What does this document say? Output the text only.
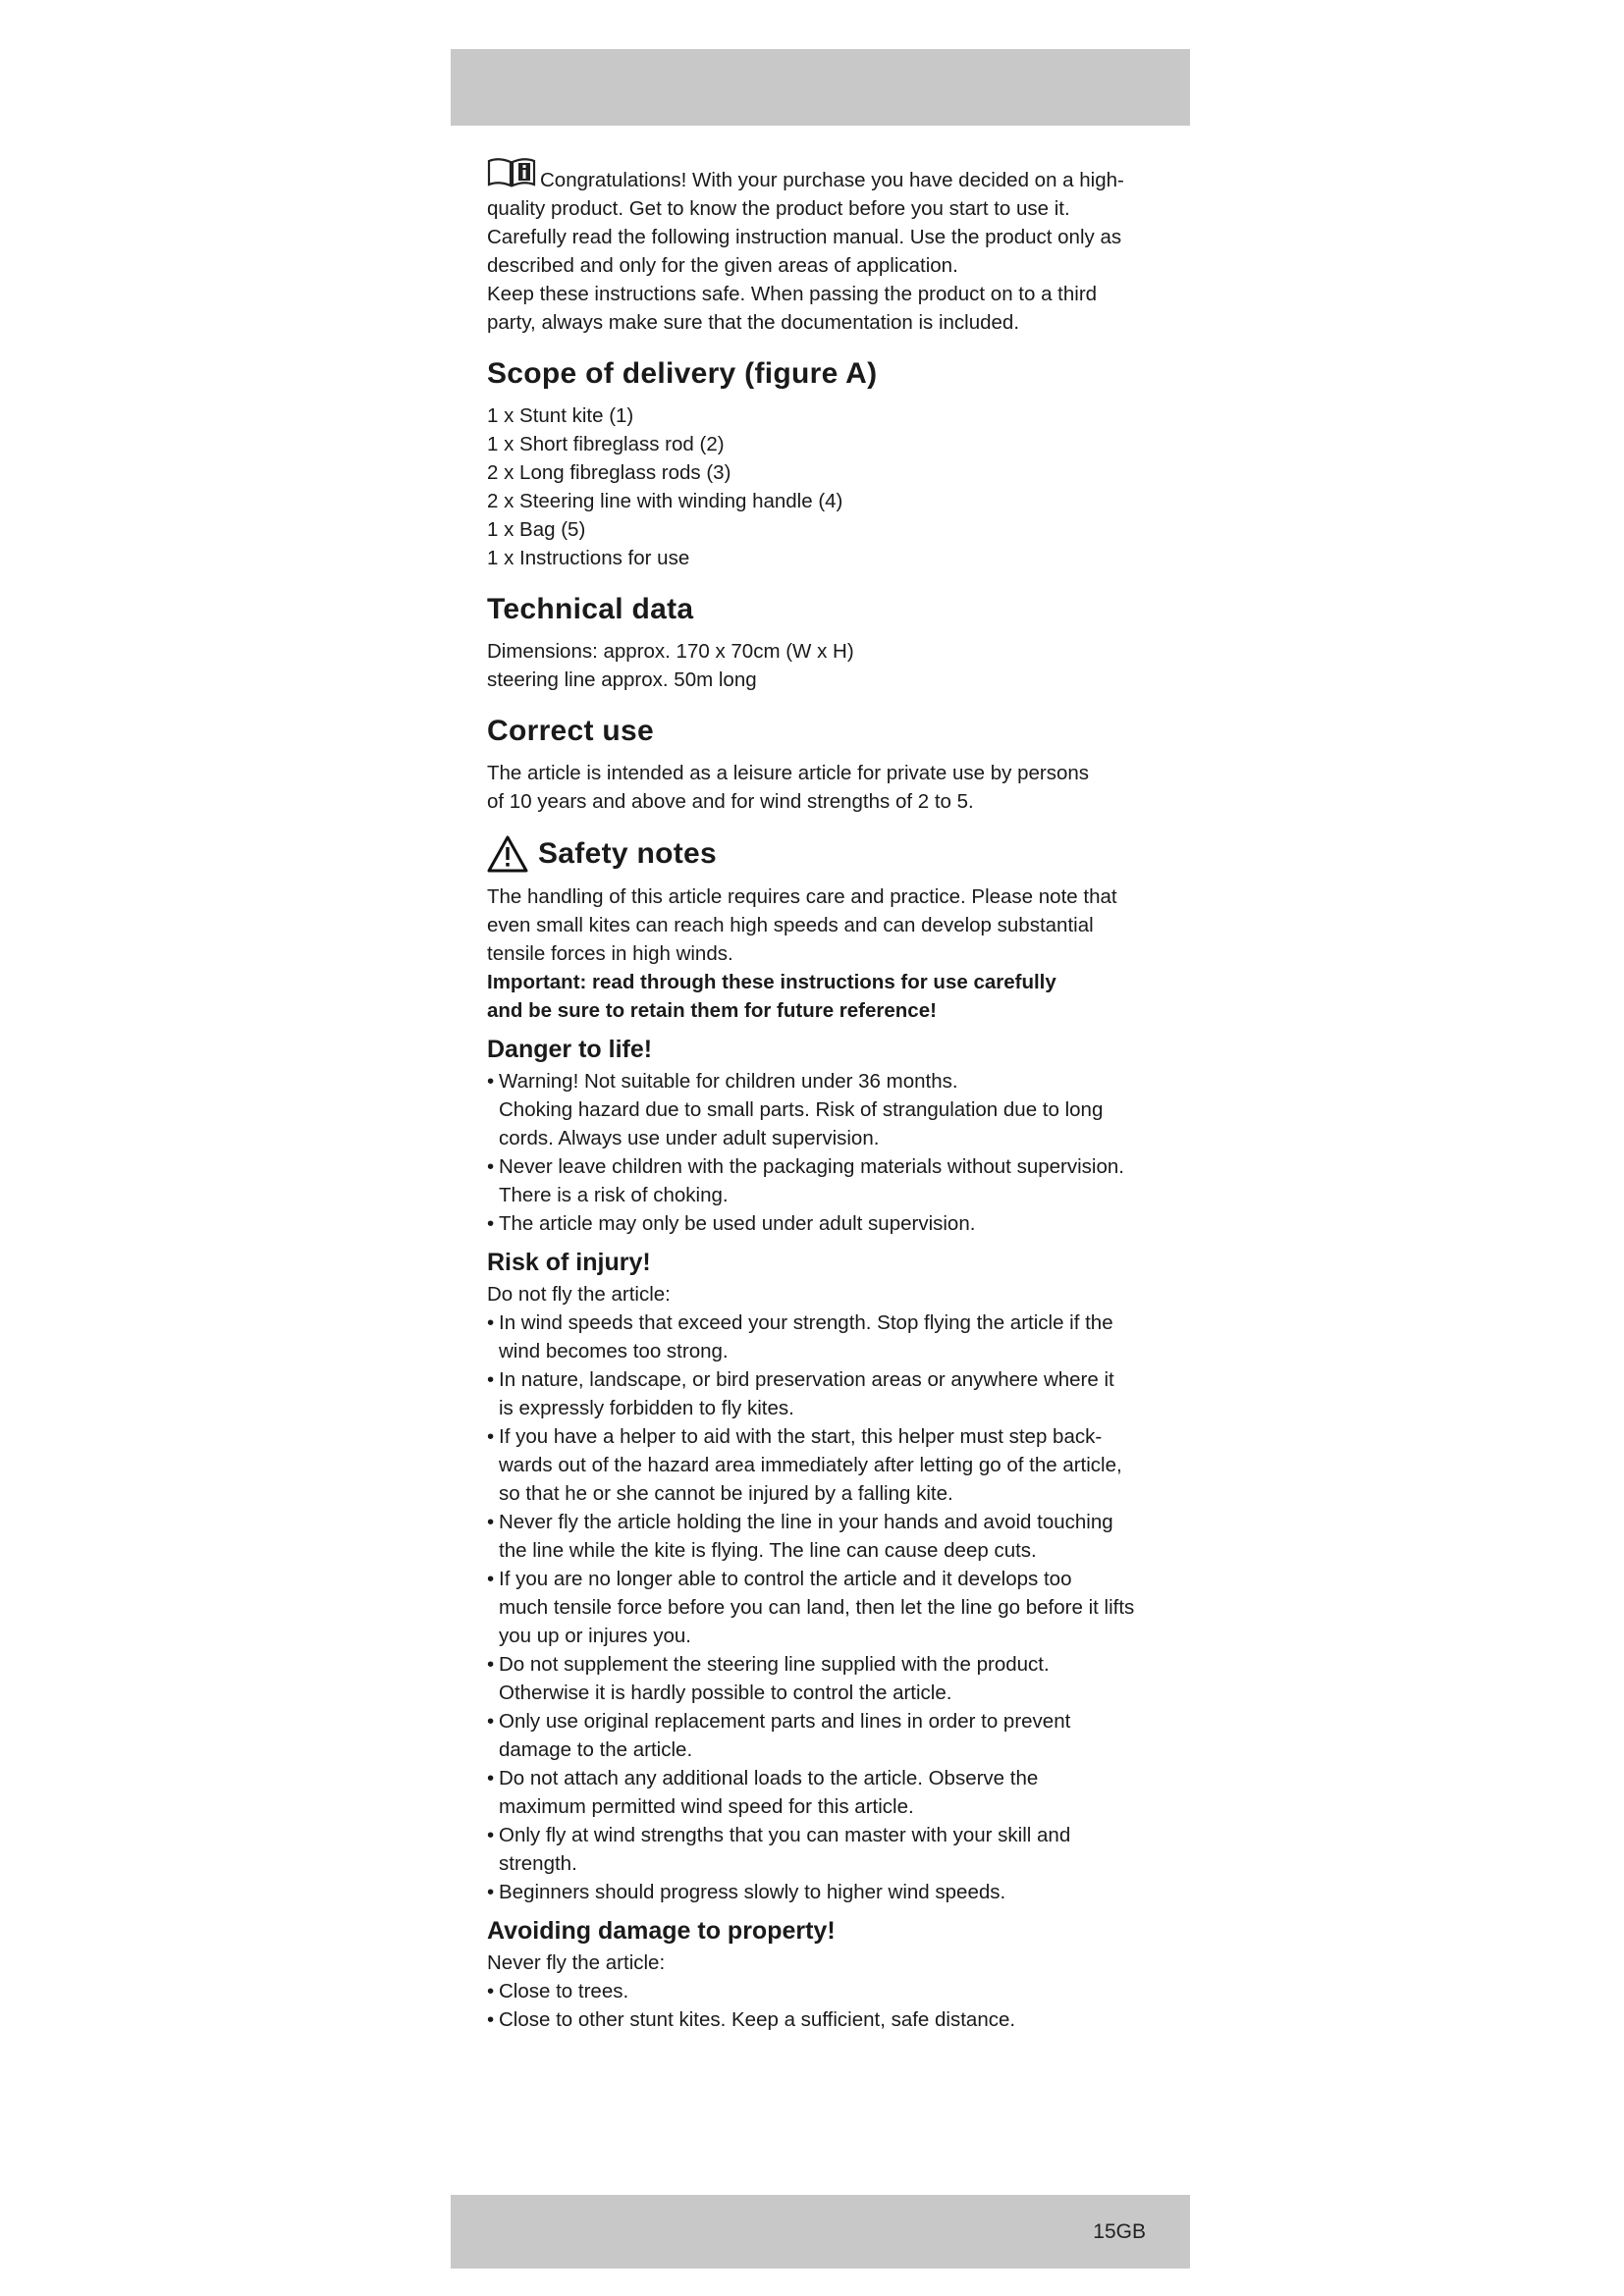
Congratulations! With your purchase you have decided on a high-
quality product. Get to know the product before you start to use it.
Carefully read the following instruction manual. Use the product only as
described and only for the given areas of application.
Keep these instructions safe. When passing the product on to a third
party, always make sure that the documentation is included.
Scope of delivery (figure A)
1 x Stunt kite (1)
1 x Short fibreglass rod (2)
2 x Long fibreglass rods (3)
2 x Steering line with winding handle (4)
1 x Bag (5)
1 x Instructions for use
Technical data
Dimensions: approx. 170 x 70cm (W x H)
steering line approx. 50m long
Correct use
The article is intended as a leisure article for private use by persons
of 10 years and above and for wind strengths of 2 to 5.
Safety notes
The handling of this article requires care and practice. Please note that
even small kites can reach high speeds and can develop substantial
tensile forces in high winds.
Important: read through these instructions for use carefully
and be sure to retain them for future reference!
Danger to life!
• Warning! Not suitable for children under 36 months.
Choking hazard due to small parts. Risk of strangulation due to long
cords. Always use under adult supervision.
• Never leave children with the packaging materials without supervision.
There is a risk of choking.
• The article may only be used under adult supervision.
Risk of injury!
Do not fly the article:
• In wind speeds that exceed your strength. Stop flying the article if the
wind becomes too strong.
• In nature, landscape, or bird preservation areas or anywhere where it
is expressly forbidden to fly kites.
• If you have a helper to aid with the start, this helper must step back-
wards out of the hazard area immediately after letting go of the article,
so that he or she cannot be injured by a falling kite.
• Never fly the article holding the line in your hands and avoid touching
the line while the kite is flying. The line can cause deep cuts.
• If you are no longer able to control the article and it develops too
much tensile force before you can land, then let the line go before it lifts
you up or injures you.
• Do not supplement the steering line supplied with the product.
Otherwise it is hardly possible to control the article.
• Only use original replacement parts and lines in order to prevent
damage to the article.
• Do not attach any additional loads to the article. Observe the
maximum permitted wind speed for this article.
• Only fly at wind strengths that you can master with your skill and
strength.
• Beginners should progress slowly to higher wind speeds.
Avoiding damage to property!
Never fly the article:
• Close to trees.
• Close to other stunt kites. Keep a sufficient, safe distance.
15GB
